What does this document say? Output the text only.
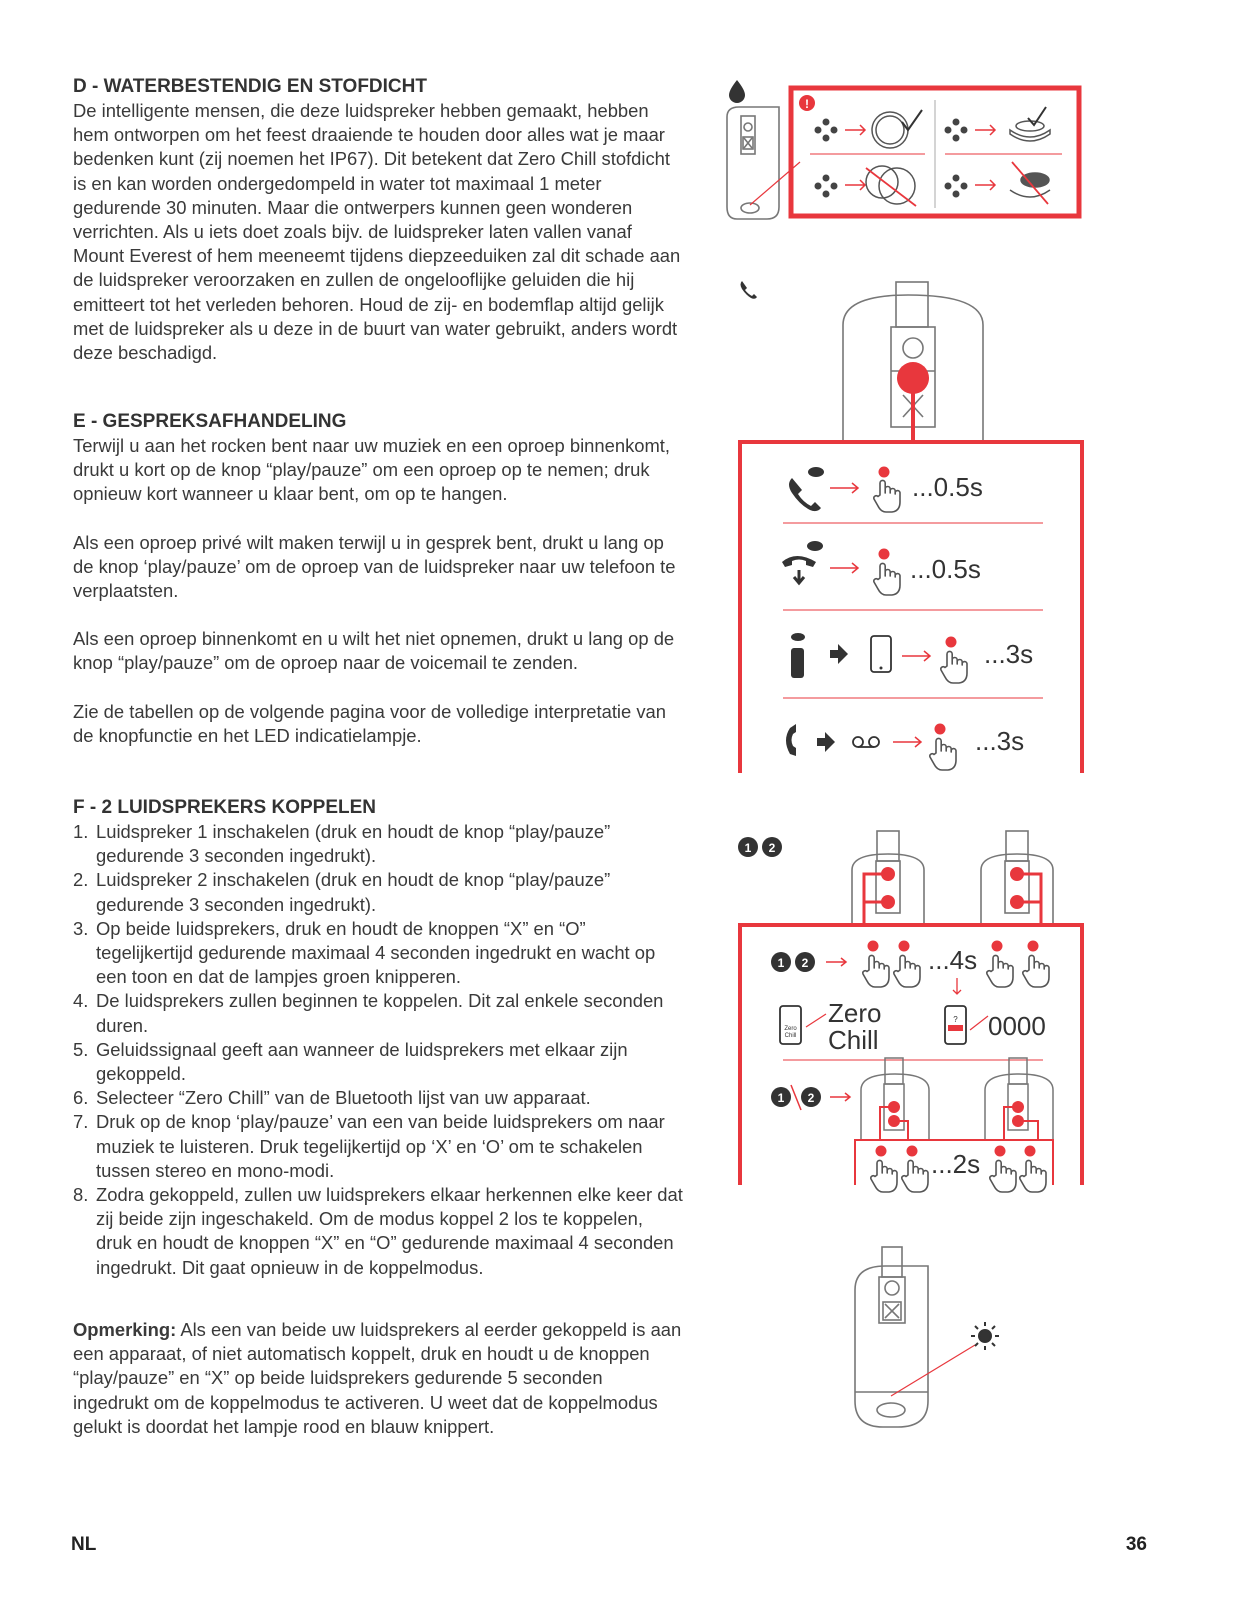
D - WATERBESTENDIG EN STOFDICHT

De intelligente mensen, die deze luidspreker hebben gemaakt, hebben hem ontworpen om het feest draaiende te houden door alles wat je maar bedenken kunt (zij noemen het IP67). Dit betekent dat Zero Chill stofdicht is en kan worden ondergedompeld in water tot maximaal 1 meter gedurende 30 minuten. Maar die ontwerpers kunnen geen wonderen verrichten. Als u iets doet zoals bijv. de luidspreker laten vallen vanaf Mount Everest of hem meeneemt tijdens diepzeeduiken zal dit schade aan de luidspreker veroorzaken en zullen de ongelooflijke geluiden die hij emitteert tot het verleden behoren. Houd de zij- en bodemflap altijd gelijk met de luidspreker als u deze in de buurt van water gebruikt, anders wordt deze beschadigd.

E - GESPREKSAFHANDELING

Terwijl u aan het rocken bent naar uw muziek en een oproep binnenkomt, drukt u kort op de knop “play/pauze” om een oproep op te nemen; druk opnieuw kort wanneer u klaar bent, om op te hangen.

Als een oproep privé wilt maken terwijl u in gesprek bent, drukt u lang op de knop ‘play/pauze’ om de oproep van de luidspreker naar uw telefoon te verplaatsten.

Als een oproep binnenkomt en u wilt het niet opnemen, drukt u lang op de knop “play/pauze” om de oproep naar de voicemail te zenden.

Zie de tabellen op de volgende pagina voor de volledige interpretatie van de knopfunctie en het LED indicatielampje.

F - 2 LUIDSPREKERS KOPPELEN
1. Luidspreker 1 inschakelen (druk en houdt de knop “play/pauze” gedurende 3 seconden ingedrukt).
2. Luidspreker 2 inschakelen (druk en houdt de knop “play/pauze” gedurende 3 seconden ingedrukt).
3. Op beide luidsprekers, druk en houdt de knoppen “X” en “O” tegelijkertijd gedurende maximaal 4 seconden ingedrukt en wacht op een toon en dat de lampjes groen knipperen.
4. De luidsprekers zullen beginnen te koppelen. Dit zal enkele seconden duren.
5. Geluidssignaal geeft aan wanneer de luidsprekers met elkaar zijn gekoppeld.
6. Selecteer “Zero Chill” van de Bluetooth lijst van uw apparaat.
7. Druk op de knop ‘play/pauze’ van een van beide luidsprekers om naar muziek te luisteren. Druk tegelijkertijd op ‘X’ en ‘O’ om te schakelen tussen stereo en mono-modi.
8. Zodra gekoppeld, zullen uw luidsprekers elkaar herkennen elke keer dat zij beide zijn ingeschakeld. Om de modus koppel 2 los te koppelen, druk en houdt de knoppen “X” en “O” gedurende maximaal 4 seconden ingedrukt. Dit gaat opnieuw in de koppelmodus.

Opmerking: Als een van beide uw luidsprekers al eerder gekoppeld is aan een apparaat, of niet automatisch koppelt, druk en houdt u de knoppen “play/pauze” en “X” op beide luidsprekers gedurende 5 seconden ingedrukt om de koppelmodus te activeren. U weet dat de koppelmodus gelukt is doordat het lampje rood en blauw knippert.

!
...0.5s
...0.5s
...3s
...3s
1 2
1 2	...4s
Zero
Chill
Zero
Chill
? 0000
1 2
...2s
NL	36
